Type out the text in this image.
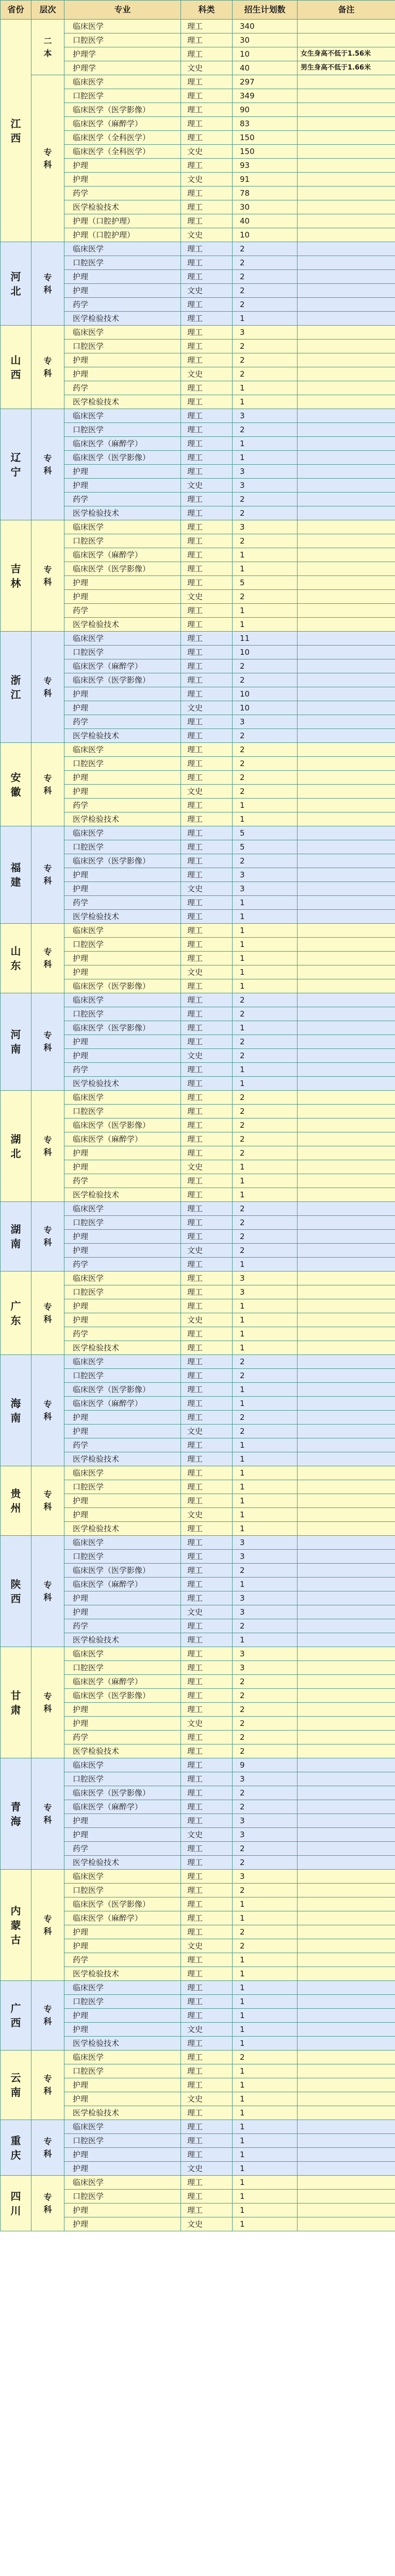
省份	层次	专业	科类	招生计划数	备注
江西	二本	临床医学	理工	340	
		口腔医学	理工	30	
		护理学	理工	10	女生身高不低于1.56米
		护理学	文史	40	男生身高不低于1.66米
	专科	临床医学	理工	297	
		口腔医学	理工	349	
		临床医学（医学影像）	理工	90	
		临床医学（麻醉学）	理工	83	
		临床医学（全科医学）	理工	150	
		临床医学（全科医学）	文史	150	
		护理	理工	93	
		护理	文史	91	
		药学	理工	78	
		医学检验技术	理工	30	
		护理（口腔护理）	理工	40	
		护理（口腔护理）	文史	10	
河北	专科	临床医学	理工	2	
		口腔医学	理工	2	
		护理	理工	2	
		护理	文史	2	
		药学	理工	2	
		医学检验技术	理工	1	
山西	专科	临床医学	理工	3	
		口腔医学	理工	2	
		护理	理工	2	
		护理	文史	2	
		药学	理工	1	
		医学检验技术	理工	1	
辽宁	专科	临床医学	理工	3	
		口腔医学	理工	2	
		临床医学（麻醉学）	理工	1	
		临床医学（医学影像）	理工	1	
		护理	理工	3	
		护理	文史	3	
		药学	理工	2	
		医学检验技术	理工	2	
吉林	专科	临床医学	理工	3	
		口腔医学	理工	2	
		临床医学（麻醉学）	理工	1	
		临床医学（医学影像）	理工	1	
		护理	理工	5	
		护理	文史	2	
		药学	理工	1	
		医学检验技术	理工	1	
浙江	专科	临床医学	理工	11	
		口腔医学	理工	10	
		临床医学（麻醉学）	理工	2	
		临床医学（医学影像）	理工	2	
		护理	理工	10	
		护理	文史	10	
		药学	理工	3	
		医学检验技术	理工	2	
安徽	专科	临床医学	理工	2	
		口腔医学	理工	2	
		护理	理工	2	
		护理	文史	2	
		药学	理工	1	
		医学检验技术	理工	1	
福建	专科	临床医学	理工	5	
		口腔医学	理工	5	
		临床医学（医学影像）	理工	2	
		护理	理工	3	
		护理	文史	3	
		药学	理工	1	
		医学检验技术	理工	1	
山东	专科	临床医学	理工	1	
		口腔医学	理工	1	
		护理	理工	1	
		护理	文史	1	
		临床医学（医学影像）	理工	1	
河南	专科	临床医学	理工	2	
		口腔医学	理工	2	
		临床医学（医学影像）	理工	1	
		护理	理工	2	
		护理	文史	2	
		药学	理工	1	
		医学检验技术	理工	1	
湖北	专科	临床医学	理工	2	
		口腔医学	理工	2	
		临床医学（医学影像）	理工	2	
		临床医学（麻醉学）	理工	2	
		护理	理工	2	
		护理	文史	1	
		药学	理工	1	
		医学检验技术	理工	1	
湖南	专科	临床医学	理工	2	
		口腔医学	理工	2	
		护理	理工	2	
		护理	文史	2	
		药学	理工	1	
广东	专科	临床医学	理工	3	
		口腔医学	理工	3	
		护理	理工	1	
		护理	文史	1	
		药学	理工	1	
		医学检验技术	理工	1	
海南	专科	临床医学	理工	2	
		口腔医学	理工	2	
		临床医学（医学影像）	理工	1	
		临床医学（麻醉学）	理工	1	
		护理	理工	2	
		护理	文史	2	
		药学	理工	1	
		医学检验技术	理工	1	
贵州	专科	临床医学	理工	1	
		口腔医学	理工	1	
		护理	理工	1	
		护理	文史	1	
		医学检验技术	理工	1	
陕西	专科	临床医学	理工	3	
		口腔医学	理工	3	
		临床医学（医学影像）	理工	2	
		临床医学（麻醉学）	理工	1	
		护理	理工	3	
		护理	文史	3	
		药学	理工	2	
		医学检验技术	理工	1	
甘肃	专科	临床医学	理工	3	
		口腔医学	理工	3	
		临床医学（麻醉学）	理工	2	
		临床医学（医学影像）	理工	2	
		护理	理工	2	
		护理	文史	2	
		药学	理工	2	
		医学检验技术	理工	2	
青海	专科	临床医学	理工	9	
		口腔医学	理工	3	
		临床医学（医学影像）	理工	2	
		临床医学（麻醉学）	理工	2	
		护理	理工	3	
		护理	文史	3	
		药学	理工	2	
		医学检验技术	理工	2	
内蒙古	专科	临床医学	理工	3	
		口腔医学	理工	2	
		临床医学（医学影像）	理工	1	
		临床医学（麻醉学）	理工	1	
		护理	理工	2	
		护理	文史	2	
		药学	理工	1	
		医学检验技术	理工	1	
广西	专科	临床医学	理工	1	
		口腔医学	理工	1	
		护理	理工	1	
		护理	文史	1	
		医学检验技术	理工	1	
云南	专科	临床医学	理工	2	
		口腔医学	理工	1	
		护理	理工	1	
		护理	文史	1	
		医学检验技术	理工	1	
重庆	专科	临床医学	理工	1	
		口腔医学	理工	1	
		护理	理工	1	
		护理	文史	1	
四川	专科	临床医学	理工	1	
		口腔医学	理工	1	
		护理	理工	1	
		护理	文史	1	
